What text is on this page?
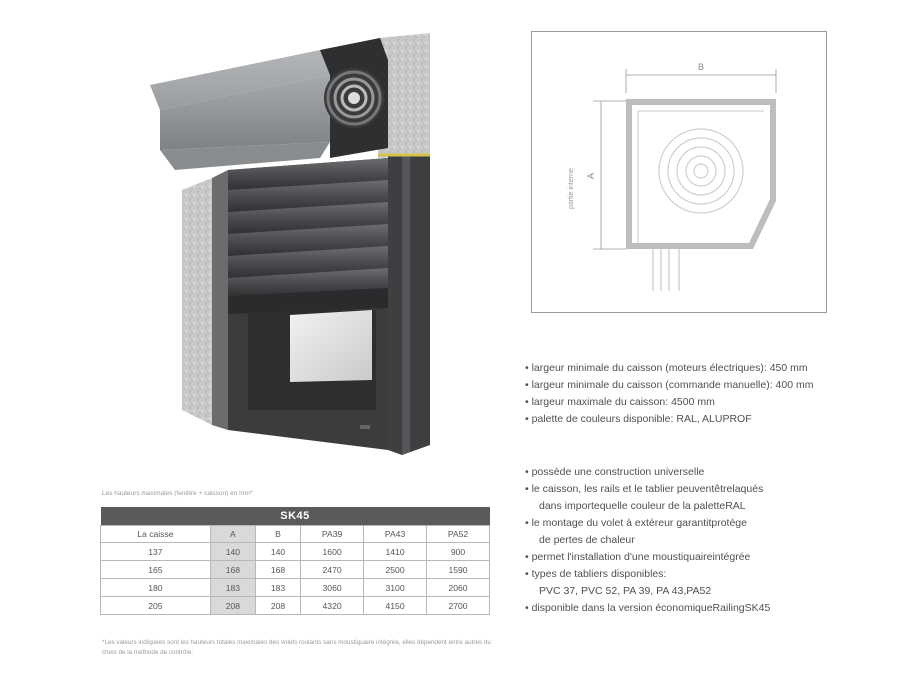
B
A
partie interne
• largeur minimale du caisson (moteurs électriques): 450 mm
• largeur minimale du caisson (commande manuelle): 400 mm
• largeur maximale du caisson: 4500 mm
• palette de couleurs disponible: RAL, ALUPROF
• possède une construction universelle
• le caisson, les rails et le tablier peuventêtrelaqués
dans importequelle couleur de la paletteRAL
• le montage du volet à extéreur garantitprotége
de pertes de chaleur
• permet l'installation d'une moustiquairеintégrée
• types de tabliers disponibles:
PVC 37, PVC 52, PA 39, PA 43,PA52
• disponible dans la version économiqueRailingSK45
Les hauteurs maximales (fenêtre + caisson) en mm*
SK45					
La caisse	A	B	PA39	PA43	PA52
137	140	140	1600	1410	900
165	168	168	2470	2500	1590
180	183	183	3060	3100	2060
205	208	208	4320	4150	2700
*Les valeurs indiquées sont les hauteurs totales maximales des volets roulants sans moustiquaire intégrée, elles dépendent entre autres du choix de la méthode de contrôle.
